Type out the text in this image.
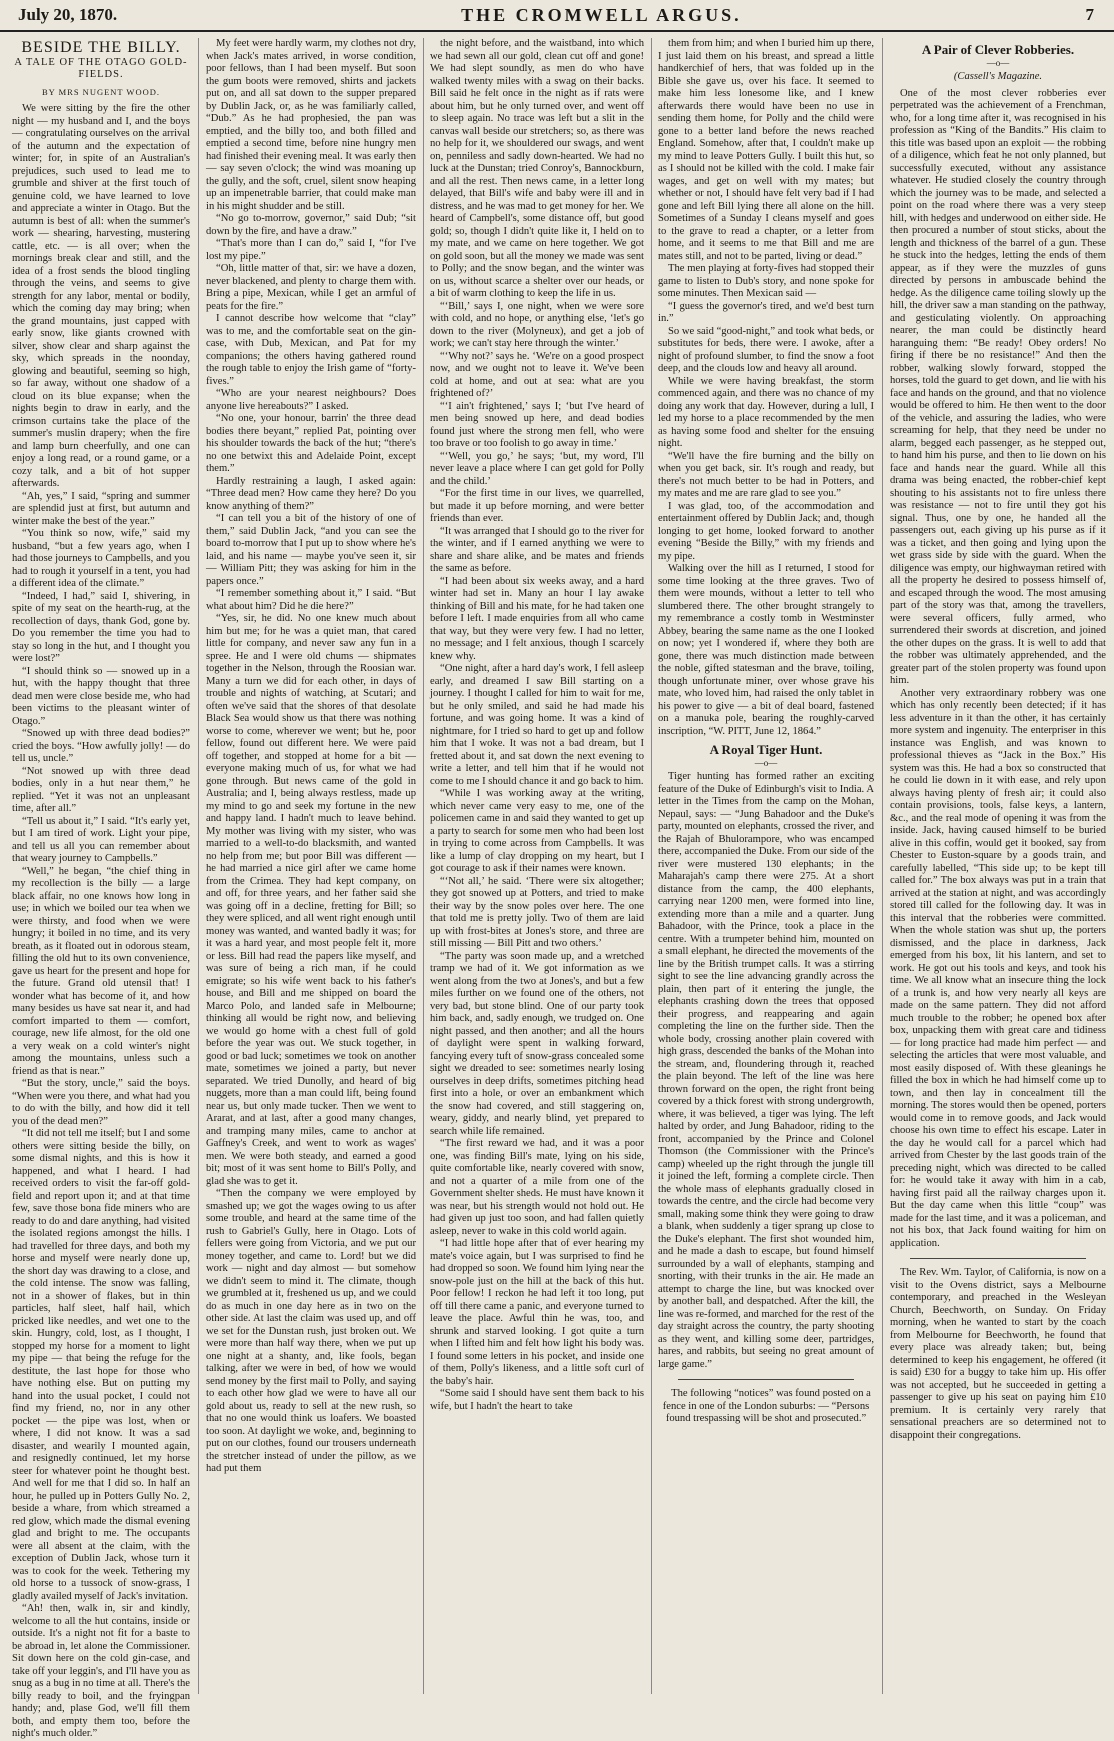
July 20, 1870.	THE CROMWELL ARGUS.	7
BESIDE THE BILLY.
A TALE OF THE OTAGO GOLD-FIELDS.
BY MRS NUGENT WOOD.

We were sitting by the fire the other night — my husband and I, and the boys — congratulating ourselves on the arrival of the autumn and the expectation of winter; for, in spite of an Australian's prejudices, such used to lead me to grumble and shiver at the first touch of genuine cold, we have learned to love and appreciate a winter in Otago. But the autumn is best of all: when the summer's work — shearing, harvesting, mustering cattle, etc. — is all over; when the mornings break clear and still, and the idea of a frost sends the blood tingling through the veins, and seems to give strength for any labor, mental or bodily, which the coming day may bring; when the grand mountains, just capped with early snow, like giants crowned with silver, show clear and sharp against the sky, which spreads in the noonday, glowing and beautiful, seeming so high, so far away, without one shadow of a cloud on its blue expanse; when the nights begin to draw in early, and the crimson curtains take the place of the summer's muslin drapery; when the fire and lamp burn cheerfully, and one can enjoy a long read, or a round game, or a cozy talk, and a bit of hot supper afterwards.

“Ah, yes,” I said, “spring and summer are splendid just at first, but autumn and winter make the best of the year.”

“You think so now, wife,” said my husband, “but a few years ago, when I had those journeys to Campbells, and you had to rough it yourself in a tent, you had a different idea of the climate.”

“Indeed, I had,” said I, shivering, in spite of my seat on the hearth-rug, at the recollection of days, thank God, gone by. Do you remember the time you had to stay so long in the hut, and I thought you were lost?”

“I should think so — snowed up in a hut, with the happy thought that three dead men were close beside me, who had been victims to the pleasant winter of Otago.”

“Snowed up with three dead bodies?” cried the boys. “How awfully jolly! — do tell us, uncle.”

“Not snowed up with three dead bodies, only in a hut near them,” he replied. “Yet it was not an unpleasant time, after all.”

“Tell us about it,” I said. “It's early yet, but I am tired of work. Light your pipe, and tell us all you can remember about that weary journey to Campbells.”

“Well,” he began, “the chief thing in my recollection is the billy — a large black affair, no one knows how long in use; in which we boiled our tea when we were thirsty, and food when we were hungry; it boiled in no time, and its very breath, as it floated out in odorous steam, filling the old hut to its own convenience, gave us heart for the present and hope for the future. Grand old utensil that! I wonder what has become of it, and how many besides us have sat near it, and had comfort imparted to them — comfort, courage, new life almost, for the old one a very weak on a cold winter's night among the mountains, unless such a friend as that is near.”

“But the story, uncle,” said the boys. “When were you there, and what had you to do with the billy, and how did it tell you of the dead men?”

“It did not tell me itself; but I and some others were sitting beside the billy, on some dismal nights, and this is how it happened, and what I heard. I had received orders to visit the far-off gold-field and report upon it; and at that time few, save those bona fide miners who are ready to do and dare anything, had visited the isolated regions amongst the hills. I had travelled for three days, and both my horse and myself were nearly done up, the short day was drawing to a close, and the cold intense. The snow was falling, not in a shower of flakes, but in thin particles, half sleet, half hail, which pricked like needles, and wet one to the skin. Hungry, cold, lost, as I thought, I stopped my horse for a moment to light my pipe — that being the refuge for the destitute, the last hope for those who have nothing else. But on putting my hand into the usual pocket, I could not find my friend, no, nor in any other pocket — the pipe was lost, when or where, I did not know. It was a sad disaster, and wearily I mounted again, and resignedly continued, let my horse steer for whatever point he thought best. And well for me that I did so. In half an hour, he pulled up in Potters Gully No. 2, beside a whare, from which streamed a red glow, which made the dismal evening glad and bright to me. The occupants were all absent at the claim, with the exception of Dublin Jack, whose turn it was to cook for the week. Tethering my old horse to a tussock of snow-grass, I gladly availed myself of Jack's invitation.

“Ah! then, walk in, sir and kindly, welcome to all the hut contains, inside or outside. It's a night not fit for a baste to be abroad in, let alone the Commissioner. Sit down here on the cold gin-case, and take off your leggin's, and I'll have you as snug as a bug in no time at all. There's the billy ready to boil, and the fryingpan handy; and, plase God, we'll fill them both, and empty them too, before the night's much older.”

My feet were hardly warm, my clothes not dry, when Jack's mates arrived, in worse condition, poor fellows, than I had been myself. But soon the gum boots were removed, shirts and jackets put on, and all sat down to the supper prepared by Dublin Jack, or, as he was familiarly called, “Dub.” As he had prophesied, the pan was emptied, and the billy too, and both filled and emptied a second time, before nine hungry men had finished their evening meal. It was early then — say seven o'clock; the wind was moaning up the gully, and the soft, cruel, silent snow heaping up an impenetrable barrier, that could make man in his might shudder and be still.

“No go to-morrow, governor,” said Dub; “sit down by the fire, and have a draw.”

“That's more than I can do,” said I, “for I've lost my pipe.”

“Oh, little matter of that, sir: we have a dozen, never blackened, and plenty to charge them with. Bring a pipe, Mexican, while I get an armful of peats for the fire.”

I cannot describe how welcome that “clay” was to me, and the comfortable seat on the gin-case, with Dub, Mexican, and Pat for my companions; the others having gathered round the rough table to enjoy the Irish game of “forty-fives.”

“Who are your nearest neighbours? Does anyone live hereabouts?” I asked.

“No one, your honour, barrin' the three dead bodies there beyant,” replied Pat, pointing over his shoulder towards the back of the hut; “there's no one betwixt this and Adelaide Point, except them.”

Hardly restraining a laugh, I asked again: “Three dead men? How came they here? Do you know anything of them?”

“I can tell you a bit of the history of one of them,” said Dublin Jack, “and you can see the board to-morrow that I put up to show where he's laid, and his name — maybe you've seen it, sir — William Pitt; they was asking for him in the papers once.”

“I remember something about it,” I said. “But what about him? Did he die here?”

“Yes, sir, he did. No one knew much about him but me; for he was a quiet man, that cared little for company, and never saw any fun in a spree. He and I were old chums — shipmates together in the Nelson, through the Roosian war. Many a turn we did for each other, in days of trouble and nights of watching, at Scutari; and often we've said that the shores of that desolate Black Sea would show us that there was nothing worse to come, wherever we went; but he, poor fellow, found out different here. We were paid off together, and stopped at home for a bit — everyone making much of us, for what we had gone through. But news came of the gold in Australia; and I, being always restless, made up my mind to go and seek my fortune in the new and happy land. I hadn't much to leave behind. My mother was living with my sister, who was married to a well-to-do blacksmith, and wanted no help from me; but poor Bill was different — he had married a nice girl after we came home from the Crimea. They had kept company, on and off, for three years, and her father said she was going off in a decline, fretting for Bill; so they were spliced, and all went right enough until money was wanted, and wanted badly it was; for it was a hard year, and most people felt it, more or less. Bill had read the papers like myself, and was sure of being a rich man, if he could emigrate; so his wife went back to his father's house, and Bill and me shipped on board the Marco Polo, and landed safe in Melbourne; thinking all would be right now, and believing we would go home with a chest full of gold before the year was out. We stuck together, in good or bad luck; sometimes we took on another mate, sometimes we joined a party, but never separated. We tried Dunolly, and heard of big nuggets, more than a man could lift, being found near us, but only made tucker. Then we went to Ararat, and at last, after a good many changes, and tramping many miles, came to anchor at Gaffney's Creek, and went to work as wages' men. We were both steady, and earned a good bit; most of it was sent home to Bill's Polly, and glad she was to get it.

“Then the company we were employed by smashed up; we got the wages owing to us after some trouble, and heard at the same time of the rush to Gabriel's Gully, here in Otago. Lots of fellers were going from Victoria, and we put our money together, and came to. Lord! but we did work — night and day almost — but somehow we didn't seem to mind it. The climate, though we grumbled at it, freshened us up, and we could do as much in one day here as in two on the other side. At last the claim was used up, and off we set for the Dunstan rush, just broken out. We were more than half way there, when we put up one night at a shanty, and, like fools, began talking, after we were in bed, of how we would send money by the first mail to Polly, and saying to each other how glad we were to have all our gold about us, ready to sell at the new rush, so that no one would think us loafers. We boasted too soon. At daylight we woke, and, beginning to put on our clothes, found our trousers underneath the stretcher instead of under the pillow, as we had put them

the night before, and the waistband, into which we had sewn all our gold, clean cut off and gone! We had slept soundly, as men do who have walked twenty miles with a swag on their backs. Bill said he felt once in the night as if rats were about him, but he only turned over, and went off to sleep again. No trace was left but a slit in the canvas wall beside our stretchers; so, as there was no help for it, we shouldered our swags, and went on, penniless and sadly down-hearted. We had no luck at the Dunstan; tried Conroy's, Bannockburn, and all the rest. Then news came, in a letter long delayed, that Bill's wife and baby were ill and in distress, and he was mad to get money for her. We heard of Campbell's, some distance off, but good gold; so, though I didn't quite like it, I held on to my mate, and we came on here together. We got on gold soon, but all the money we made was sent to Polly; and the snow began, and the winter was on us, without scarce a shelter over our heads, or a bit of warm clothing to keep the life in us.

“‘Bill,’ says I, one night, when we were sore with cold, and no hope, or anything else, ‘let's go down to the river (Molyneux), and get a job of work; we can't stay here through the winter.’

“‘Why not?’ says he. ‘We're on a good prospect now, and we ought not to leave it. We've been cold at home, and out at sea: what are you frightened of?’

“‘I ain't frightened,’ says I; ‘but I've heard of men being snowed up here, and dead bodies found just where the strong men fell, who were too brave or too foolish to go away in time.’

“‘Well, you go,’ he says; ‘but, my word, I'll never leave a place where I can get gold for Polly and the child.’

“For the first time in our lives, we quarrelled, but made it up before morning, and were better friends than ever.

“It was arranged that I should go to the river for the winter, and if I earned anything we were to share and share alike, and be mates and friends the same as before.

“I had been about six weeks away, and a hard winter had set in. Many an hour I lay awake thinking of Bill and his mate, for he had taken one before I left. I made enquiries from all who came that way, but they were very few. I had no letter, no message; and I felt anxious, though I scarcely knew why.

“One night, after a hard day's work, I fell asleep early, and dreamed I saw Bill starting on a journey. I thought I called for him to wait for me, but he only smiled, and said he had made his fortune, and was going home. It was a kind of nightmare, for I tried so hard to get up and follow him that I woke. It was not a bad dream, but I fretted about it, and sat down the next evening to write a letter, and tell him that if he would not come to me I should chance it and go back to him.

“While I was working away at the writing, which never came very easy to me, one of the policemen came in and said they wanted to get up a party to search for some men who had been lost in trying to come across from Campbells. It was like a lump of clay dropping on my heart, but I got courage to ask if their names were known.

“‘Not all,’ he said. ‘There were six altogether; they got snowed up at Potters, and tried to make their way by the snow poles over here. The one that told me is pretty jolly. Two of them are laid up with frost-bites at Jones's store, and three are still missing — Bill Pitt and two others.’

“The party was soon made up, and a wretched tramp we had of it. We got information as we went along from the two at Jones's, and but a few miles further on we found one of the others, not very bad, but stone blind. One of our party took him back, and, sadly enough, we trudged on. One night passed, and then another; and all the hours of daylight were spent in walking forward, fancying every tuft of snow-grass concealed some sight we dreaded to see: sometimes nearly losing ourselves in deep drifts, sometimes pitching head first into a hole, or over an embankment which the snow had covered, and still staggering on, weary, giddy, and nearly blind, yet prepared to search while life remained.

“The first reward we had, and it was a poor one, was finding Bill's mate, lying on his side, quite comfortable like, nearly covered with snow, and not a quarter of a mile from one of the Government shelter sheds. He must have known it was near, but his strength would not hold out. He had given up just too soon, and had fallen quietly asleep, never to wake in this cold world again.

“I had little hope after that of ever hearing my mate's voice again, but I was surprised to find he had dropped so soon. We found him lying near the snow-pole just on the hill at the back of this hut. Poor fellow! I reckon he had left it too long, put off till there came a panic, and everyone turned to leave the place. Awful thin he was, too, and shrunk and starved looking. I got quite a turn when I lifted him and felt how light his body was. I found some letters in his pocket, and inside one of them, Polly's likeness, and a little soft curl of the baby's hair.

“Some said I should have sent them back to his wife, but I hadn't the heart to take

them from him; and when I buried him up there, I just laid them on his breast, and spread a little handkerchief of hers, that was folded up in the Bible she gave us, over his face. It seemed to make him less lonesome like, and I knew afterwards there would have been no use in sending them home, for Polly and the child were gone to a better land before the news reached England. Somehow, after that, I couldn't make up my mind to leave Potters Gully. I built this hut, so as I should not be killed with the cold. I make fair wages, and get on well with my mates; but whether or not, I should have felt very bad if I had gone and left Bill lying there all alone on the hill. Sometimes of a Sunday I cleans myself and goes to the grave to read a chapter, or a letter from home, and it seems to me that Bill and me are mates still, and not to be parted, living or dead.”

The men playing at forty-fives had stopped their game to listen to Dub's story, and none spoke for some minutes. Then Mexican said —

“I guess the governor's tired, and we'd best turn in.”

So we said “good-night,” and took what beds, or substitutes for beds, there were. I awoke, after a night of profound slumber, to find the snow a foot deep, and the clouds low and heavy all around.

While we were having breakfast, the storm commenced again, and there was no chance of my doing any work that day. However, during a lull, I led my horse to a place recommended by the men as having some food and shelter for the ensuing night.

“We'll have the fire burning and the billy on when you get back, sir. It's rough and ready, but there's not much better to be had in Potters, and my mates and me are rare glad to see you.”

I was glad, too, of the accommodation and entertainment offered by Dublin Jack; and, though longing to get home, looked forward to another evening “Beside the Billy,” with my friends and my pipe.

Walking over the hill as I returned, I stood for some time looking at the three graves. Two of them were mounds, without a letter to tell who slumbered there. The other brought strangely to my remembrance a costly tomb in Westminster Abbey, bearing the same name as the one I looked on now; yet I wondered if, where they both are gone, there was much distinction made between the noble, gifted statesman and the brave, toiling, though unfortunate miner, over whose grave his mate, who loved him, had raised the only tablet in his power to give — a bit of deal board, fastened on a manuka pole, bearing the roughly-carved inscription, “W. PITT, June 12, 1864.”

A Royal Tiger Hunt.
—o—

Tiger hunting has formed rather an exciting feature of the Duke of Edinburgh's visit to India. A letter in the Times from the camp on the Mohan, Nepaul, says: — “Jung Bahadoor and the Duke's party, mounted on elephants, crossed the river, and the Rajah of Bhulorampore, who was encamped there, accompanied the Duke. From our side of the river were mustered 130 elephants; in the Maharajah's camp there were 275. At a short distance from the camp, the 400 elephants, carrying near 1200 men, were formed into line, extending more than a mile and a quarter. Jung Bahadoor, with the Prince, took a place in the centre. With a trumpeter behind him, mounted on a small elephant, he directed the movements of the line by the British trumpet calls. It was a stirring sight to see the line advancing grandly across the plain, then part of it entering the jungle, the elephants crashing down the trees that opposed their progress, and reappearing and again completing the line on the further side. Then the whole body, crossing another plain covered with high grass, descended the banks of the Mohan into the stream, and, floundering through it, reached the plain beyond. The left of the line was here thrown forward on the open, the right front being covered by a thick forest with strong undergrowth, where, it was believed, a tiger was lying. The left halted by order, and Jung Bahadoor, riding to the front, accompanied by the Prince and Colonel Thomson (the Commissioner with the Prince's camp) wheeled up the right through the jungle till it joined the left, forming a complete circle. Then the whole mass of elephants gradually closed in towards the centre, and the circle had become very small, making some think they were going to draw a blank, when suddenly a tiger sprang up close to the Duke's elephant. The first shot wounded him, and he made a dash to escape, but found himself surrounded by a wall of elephants, stamping and snorting, with their trunks in the air. He made an attempt to charge the line, but was knocked over by another ball, and despatched. After the kill, the line was re-formed, and marched for the rest of the day straight across the country, the party shooting as they went, and killing some deer, partridges, hares, and rabbits, but seeing no great amount of large game.”

The following “notices” was found posted on a fence in one of the London suburbs: — “Persons found trespassing will be shot and prosecuted.”

A Pair of Clever Robberies.
—o—
(Cassell's Magazine.

One of the most clever robberies ever perpetrated was the achievement of a Frenchman, who, for a long time after it, was recognised in his profession as “King of the Bandits.” His claim to this title was based upon an exploit — the robbing of a diligence, which feat he not only planned, but successfully executed, without any assistance whatever. He studied closely the country through which the journey was to be made, and selected a point on the road where there was a very steep hill, with hedges and underwood on either side. He then procured a number of stout sticks, about the length and thickness of the barrel of a gun. These he stuck into the hedges, letting the ends of them appear, as if they were the muzzles of guns directed by persons in ambuscade behind the hedge. As the diligence came toiling slowly up the hill, the driver saw a man standing on the pathway, and gesticulating violently. On approaching nearer, the man could be distinctly heard haranguing them: “Be ready! Obey orders! No firing if there be no resistance!” And then the robber, walking slowly forward, stopped the horses, told the guard to get down, and lie with his face and hands on the ground, and that no violence would be offered to him. He then went to the door of the vehicle, and assuring the ladies, who were screaming for help, that they need be under no alarm, begged each passenger, as he stepped out, to hand him his purse, and then to lie down on his face and hands near the guard. While all this drama was being enacted, the robber-chief kept shouting to his assistants not to fire unless there was resistance — not to fire until they got his signal. Thus, one by one, he handed all the passengers out, each giving up his purse as if it was a ticket, and then going and lying upon the wet grass side by side with the guard. When the diligence was empty, our highwayman retired with all the property he desired to possess himself of, and escaped through the wood. The most amusing part of the story was that, among the travellers, were several officers, fully armed, who surrendered their swords at discretion, and joined the other dupes on the grass. It is well to add that the robber was ultimately apprehended, and the greater part of the stolen property was found upon him.

Another very extraordinary robbery was one which has only recently been detected; if it has less adventure in it than the other, it has certainly more system and ingenuity. The enterpriser in this instance was English, and was known to professional thieves as “Jack in the Box.” His system was this. He had a box so constructed that he could lie down in it with ease, and rely upon always having plenty of fresh air; it could also contain provisions, tools, false keys, a lantern, &c., and the real mode of opening it was from the inside. Jack, having caused himself to be buried alive in this coffin, would get it booked, say from Chester to Euston-square by a goods train, and carefully labelled, “This side up; to be kept till called for.” The box always was put in a train that arrived at the station at night, and was accordingly stored till called for the following day. It was in this interval that the robberies were committed. When the whole station was shut up, the porters dismissed, and the place in darkness, Jack emerged from his box, lit his lantern, and set to work. He got out his tools and keys, and took his time. We all know what an insecure thing the lock of a trunk is, and how very nearly all keys are made on the same pattern. They did not afford much trouble to the robber; he opened box after box, unpacking them with great care and tidiness — for long practice had made him perfect — and selecting the articles that were most valuable, and most easily disposed of. With these gleanings he filled the box in which he had himself come up to town, and then lay in concealment till the morning. The stores would then be opened, porters would come in to remove goods, and Jack would choose his own time to effect his escape. Later in the day he would call for a parcel which had arrived from Chester by the last goods train of the preceding night, which was directed to be called for: he would take it away with him in a cab, having first paid all the railway charges upon it. But the day came when this little “coup” was made for the last time, and it was a policeman, and not his box, that Jack found waiting for him on application.

The Rev. Wm. Taylor, of California, is now on a visit to the Ovens district, says a Melbourne contemporary, and preached in the Wesleyan Church, Beechworth, on Sunday. On Friday morning, when he wanted to start by the coach from Melbourne for Beechworth, he found that every place was already taken; but, being determined to keep his engagement, he offered (it is said) £30 for a buggy to take him up. His offer was not accepted, but he succeeded in getting a passenger to give up his seat on paying him £10 premium. It is certainly very rarely that sensational preachers are so determined not to disappoint their congregations.
